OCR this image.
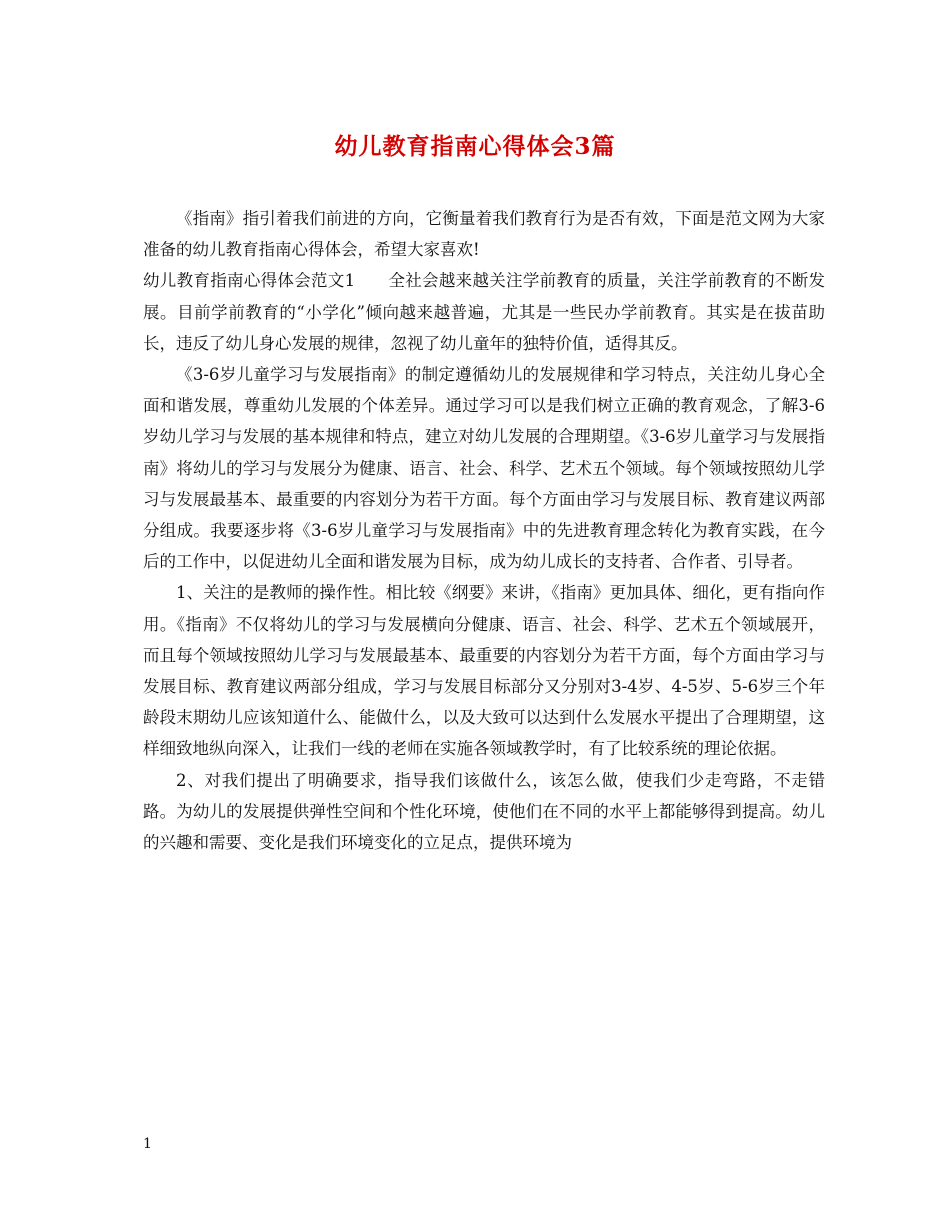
幼儿教育指南心得体会3篇

《指南》指引着我们前进的方向，它衡量着我们教育行为是否有效，下面是范文网为大家准备的幼儿教育指南心得体会，希望大家喜欢!

幼儿教育指南心得体会范文1 全社会越来越关注学前教育的质量，关注学前教育的不断发展。目前学前教育的“小学化”倾向越来越普遍，尤其是一些民办学前教育。其实是在拔苗助长，违反了幼儿身心发展的规律，忽视了幼儿童年的独特价值，适得其反。

《3-6岁儿童学习与发展指南》的制定遵循幼儿的发展规律和学习特点，关注幼儿身心全面和谐发展，尊重幼儿发展的个体差异。通过学习可以是我们树立正确的教育观念，了解3-6岁幼儿学习与发展的基本规律和特点，建立对幼儿发展的合理期望。《3-6岁儿童学习与发展指南》将幼儿的学习与发展分为健康、语言、社会、科学、艺术五个领域。每个领域按照幼儿学习与发展最基本、最重要的内容划分为若干方面。每个方面由学习与发展目标、教育建议两部分组成。我要逐步将《3-6岁儿童学习与发展指南》中的先进教育理念转化为教育实践，在今后的工作中，以促进幼儿全面和谐发展为目标，成为幼儿成长的支持者、合作者、引导者。

1、关注的是教师的操作性。相比较《纲要》来讲，《指南》更加具体、细化，更有指向作用。《指南》不仅将幼儿的学习与发展横向分健康、语言、社会、科学、艺术五个领域展开，而且每个领域按照幼儿学习与发展最基本、最重要的内容划分为若干方面，每个方面由学习与发展目标、教育建议两部分组成，学习与发展目标部分又分别对3-4岁、4-5岁、5-6岁三个年龄段末期幼儿应该知道什么、能做什么，以及大致可以达到什么发展水平提出了合理期望，这样细致地纵向深入，让我们一线的老师在实施各领域教学时，有了比较系统的理论依据。

2、对我们提出了明确要求，指导我们该做什么，该怎么做，使我们少走弯路，不走错路。为幼儿的发展提供弹性空间和个性化环境，使他们在不同的水平上都能够得到提高。幼儿的兴趣和需要、变化是我们环境变化的立足点，提供环境为

1
